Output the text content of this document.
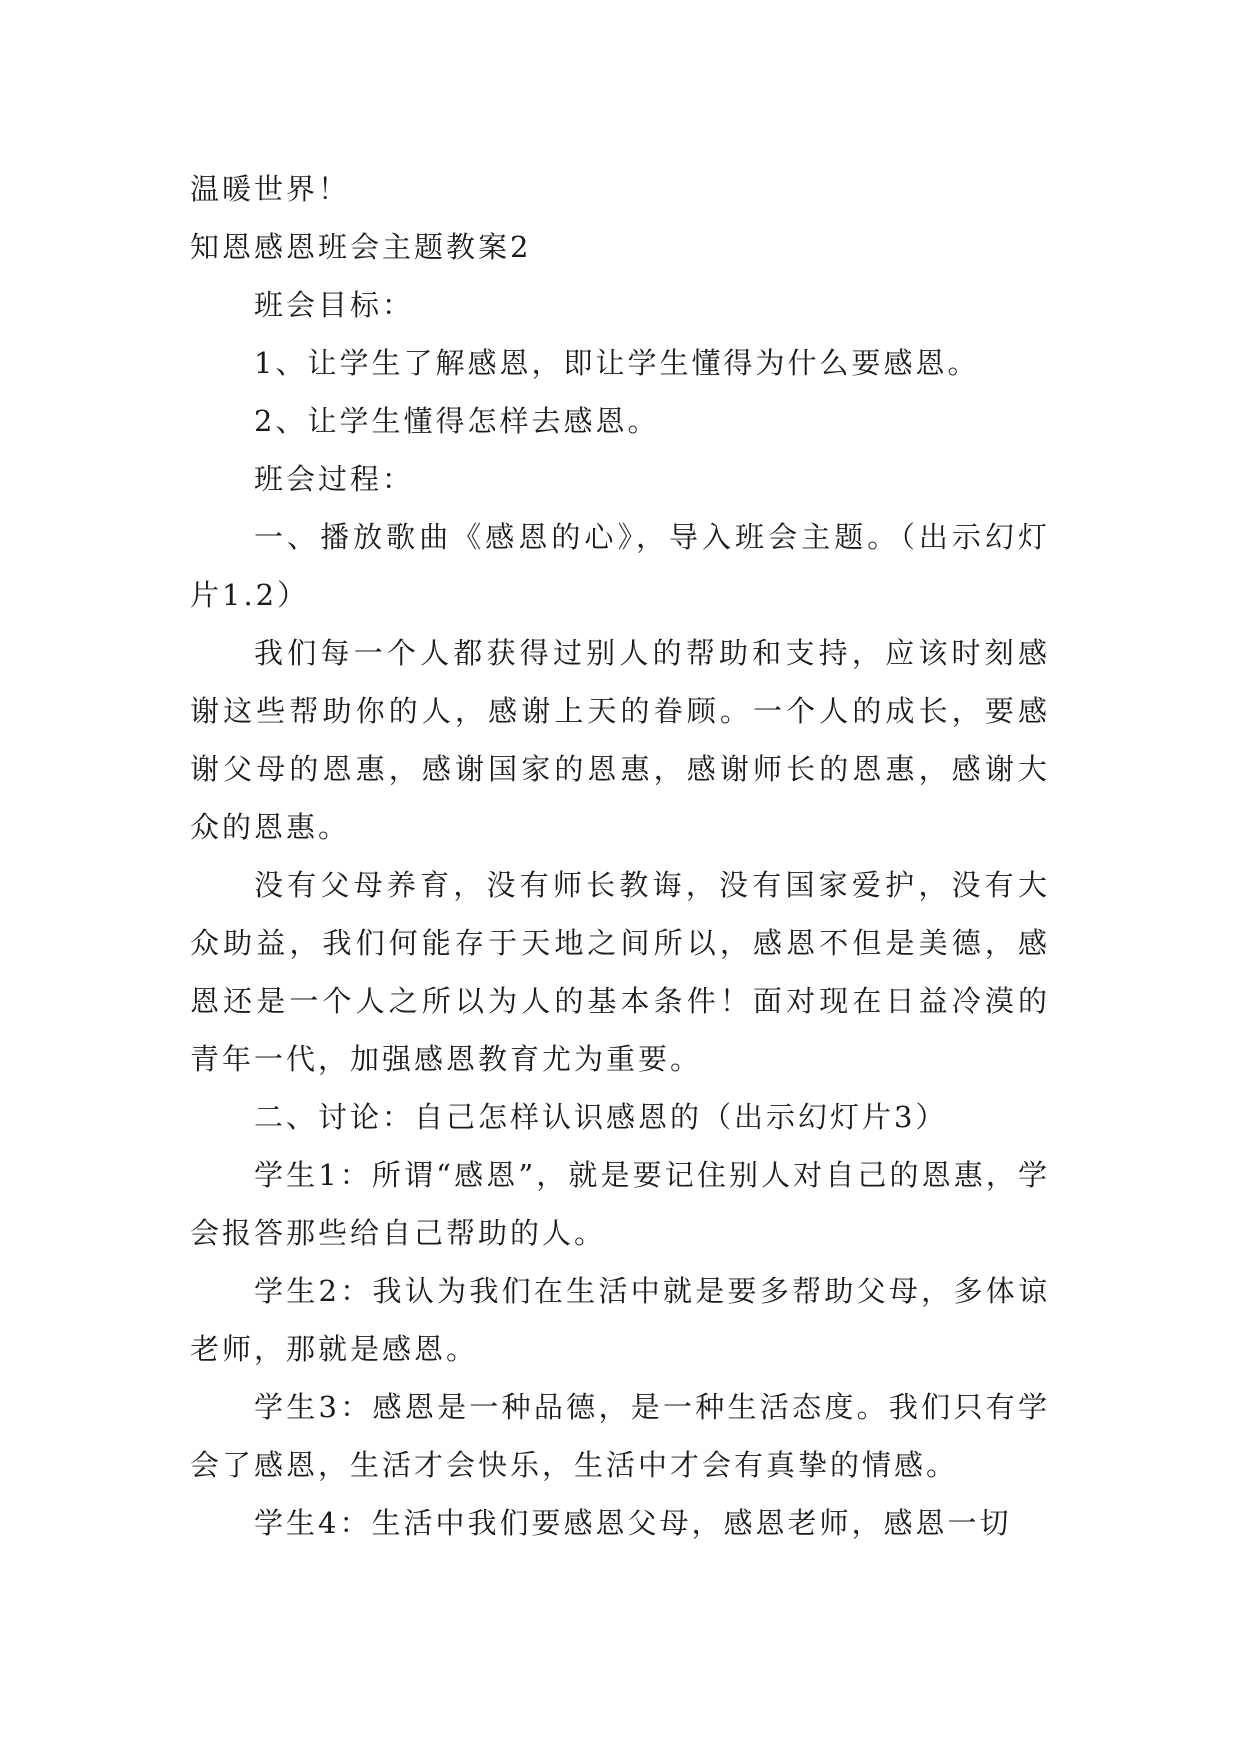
温暖世界！

知恩感恩班会主题教案2

班会目标：

1、让学生了解感恩，即让学生懂得为什么要感恩。

2、让学生懂得怎样去感恩。

班会过程：

一、播放歌曲《感恩的心》，导入班会主题。（出示幻灯片1.2）

我们每一个人都获得过别人的帮助和支持，应该时刻感谢这些帮助你的人，感谢上天的眷顾。一个人的成长，要感谢父母的恩惠，感谢国家的恩惠，感谢师长的恩惠，感谢大众的恩惠。

没有父母养育，没有师长教诲，没有国家爱护，没有大众助益，我们何能存于天地之间所以，感恩不但是美德，感恩还是一个人之所以为人的基本条件！面对现在日益冷漠的青年一代，加强感恩教育尤为重要。

二、讨论：自己怎样认识感恩的（出示幻灯片3）

学生1：所谓“感恩”，就是要记住别人对自己的恩惠，学会报答那些给自己帮助的人。

学生2：我认为我们在生活中就是要多帮助父母，多体谅老师，那就是感恩。

学生3：感恩是一种品德，是一种生活态度。我们只有学会了感恩，生活才会快乐，生活中才会有真挚的情感。

学生4：生活中我们要感恩父母，感恩老师，感恩一切
